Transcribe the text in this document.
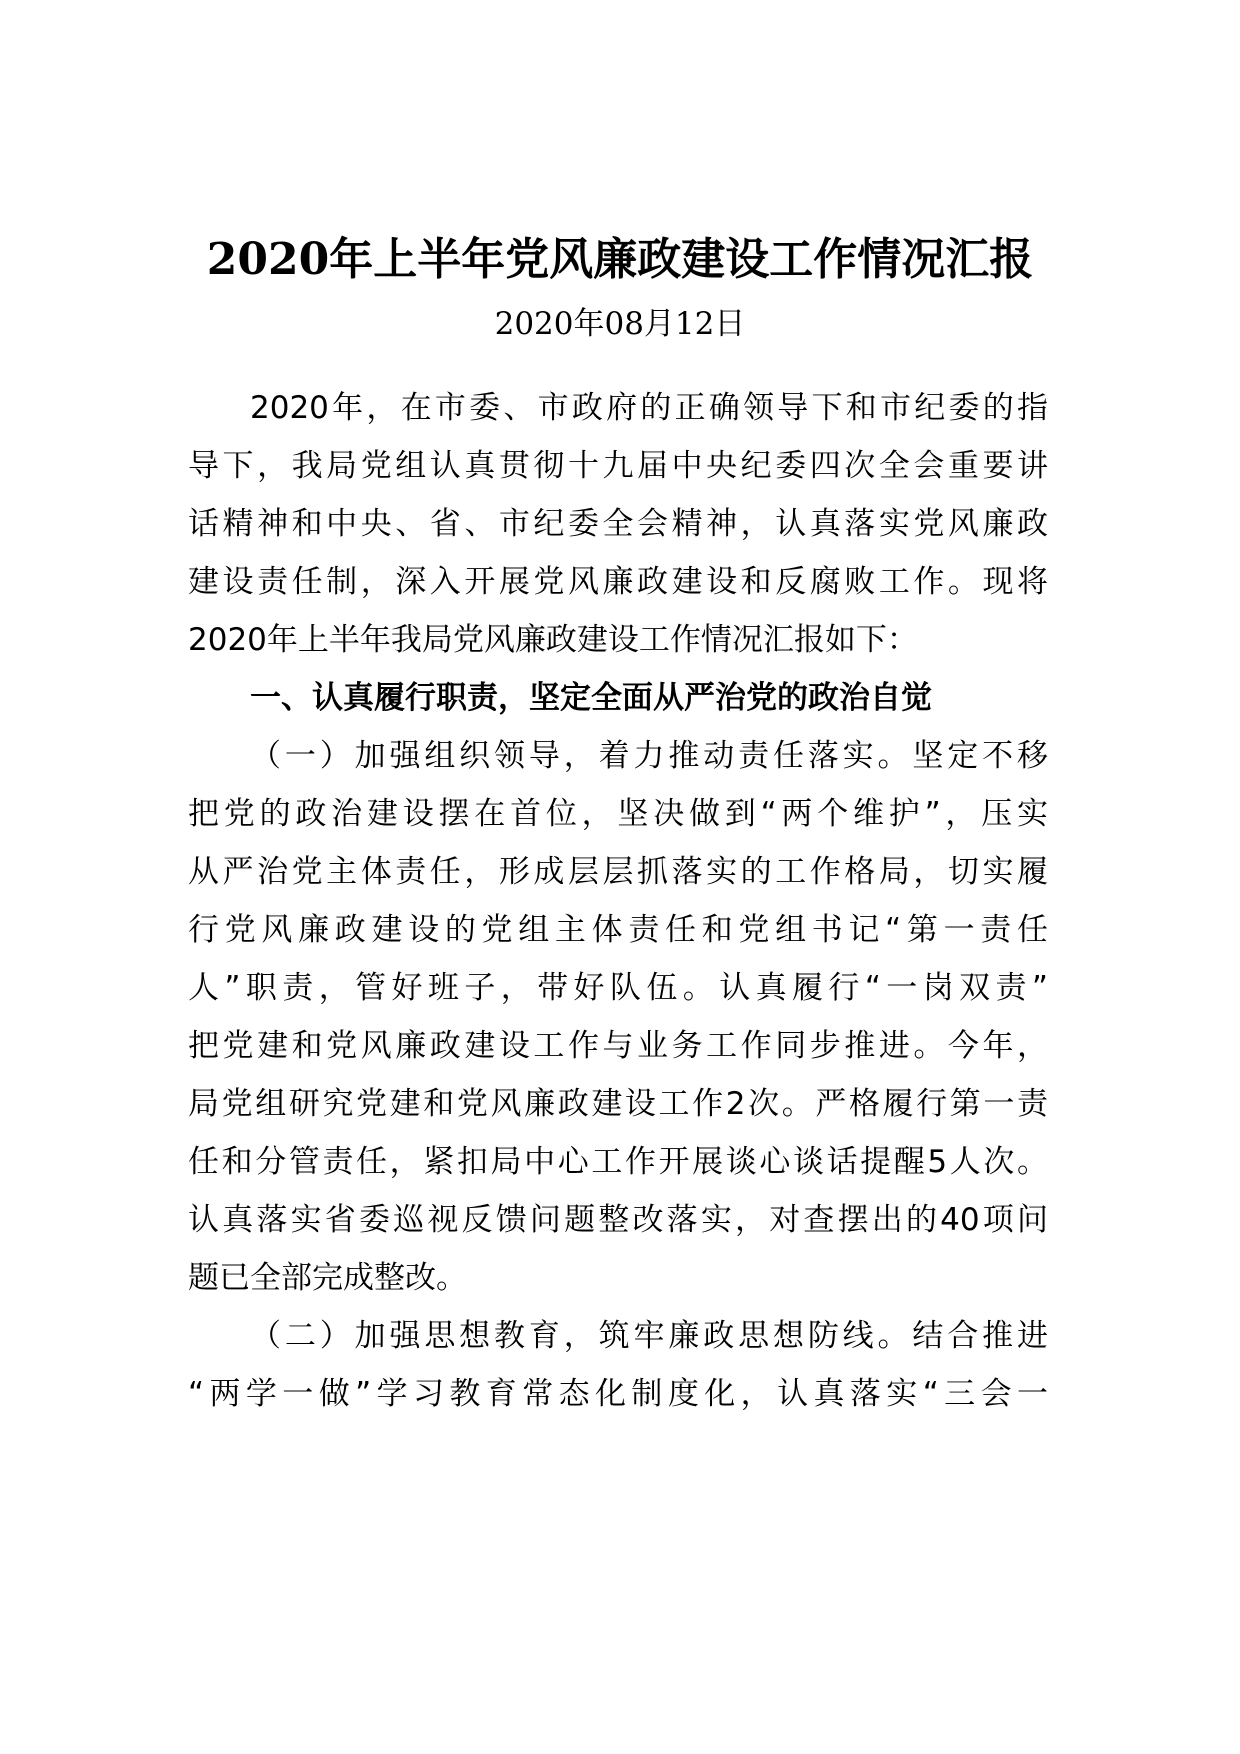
2020年上半年党风廉政建设工作情况汇报
2020年08月12日
2020年，在市委、市政府的正确领导下和市纪委的指
导下，我局党组认真贯彻十九届中央纪委四次全会重要讲
话精神和中央、省、市纪委全会精神，认真落实党风廉政
建设责任制，深入开展党风廉政建设和反腐败工作。现将
2020年上半年我局党风廉政建设工作情况汇报如下：
一、认真履行职责，坚定全面从严治党的政治自觉
（一）加强组织领导，着力推动责任落实。坚定不移
把党的政治建设摆在首位，坚决做到“两个维护”，压实
从严治党主体责任，形成层层抓落实的工作格局，切实履
行党风廉政建设的党组主体责任和党组书记“第一责任
人”职责，管好班子，带好队伍。认真履行“一岗双责”
把党建和党风廉政建设工作与业务工作同步推进。今年，
局党组研究党建和党风廉政建设工作2次。严格履行第一责
任和分管责任，紧扣局中心工作开展谈心谈话提醒5人次。
认真落实省委巡视反馈问题整改落实，对查摆出的40项问
题已全部完成整改。
（二）加强思想教育，筑牢廉政思想防线。结合推进
“两学一做”学习教育常态化制度化，认真落实“三会一
